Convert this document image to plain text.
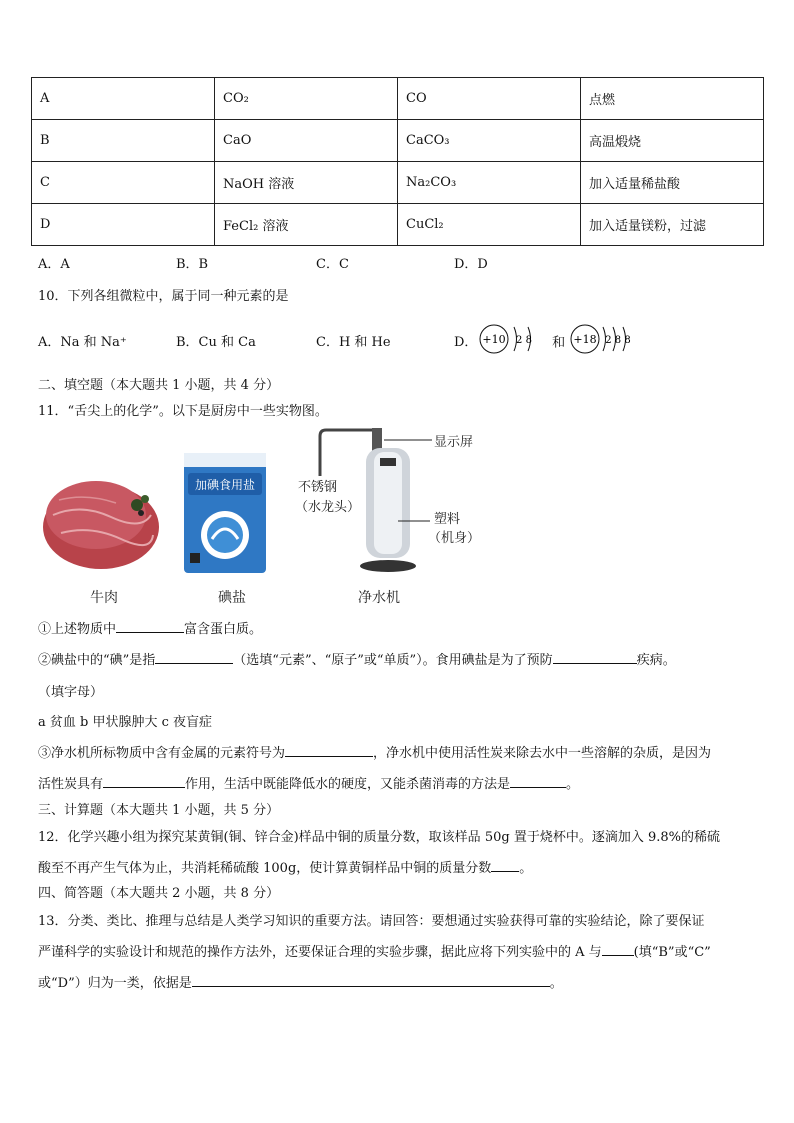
A	CO₂	CO	点燃
B	CaO	CaCO₃	高温煅烧
C	NaOH 溶液	Na₂CO₃	加入适量稀盐酸
D	FeCl₂ 溶液	CuCl₂	加入适量镁粉，过滤
A．A	B．B	C．C	D．D
10．下列各组微粒中，属于同一种元素的是
A．Na 和 Na⁺	B．Cu 和 Ca	C．H 和 He	D． +10 2 8 和 +18 2 8 8
二、填空题（本大题共 1 小题，共 4 分）
11．“舌尖上的化学”。以下是厨房中一些实物图。
加碘食用盐
显示屏
不锈钢
（水龙头）
塑料
（机身）
牛肉	碘盐	净水机
①上述物质中	富含蛋白质。
②碘盐中的“碘”是指	（选填“元素”、“原子”或“单质”）。食用碘盐是为了预防	疾病。
（填字母）
a 贫血 b 甲状腺肿大 c 夜盲症
③净水机所标物质中含有金属的元素符号为	，净水机中使用活性炭来除去水中一些溶解的杂质，是因为
活性炭具有	作用，生活中既能降低水的硬度，又能杀菌消毒的方法是	。
三、计算题（本大题共 1 小题，共 5 分）
12．化学兴趣小组为探究某黄铜(铜、锌合金)样品中铜的质量分数，取该样品 50g 置于烧杯中。逐滴加入 9.8%的稀硫
酸至不再产生气体为止，共消耗稀硫酸 100g，使计算黄铜样品中铜的质量分数 。
四、简答题（本大题共 2 小题，共 8 分）
13．分类、类比、推理与总结是人类学习知识的重要方法。请回答：要想通过实验获得可靠的实验结论，除了要保证
严谨科学的实验设计和规范的操作方法外，还要保证合理的实验步骤，据此应将下列实验中的 A 与 (填“B”或“C”
或“D”）归为一类，依据是	。
